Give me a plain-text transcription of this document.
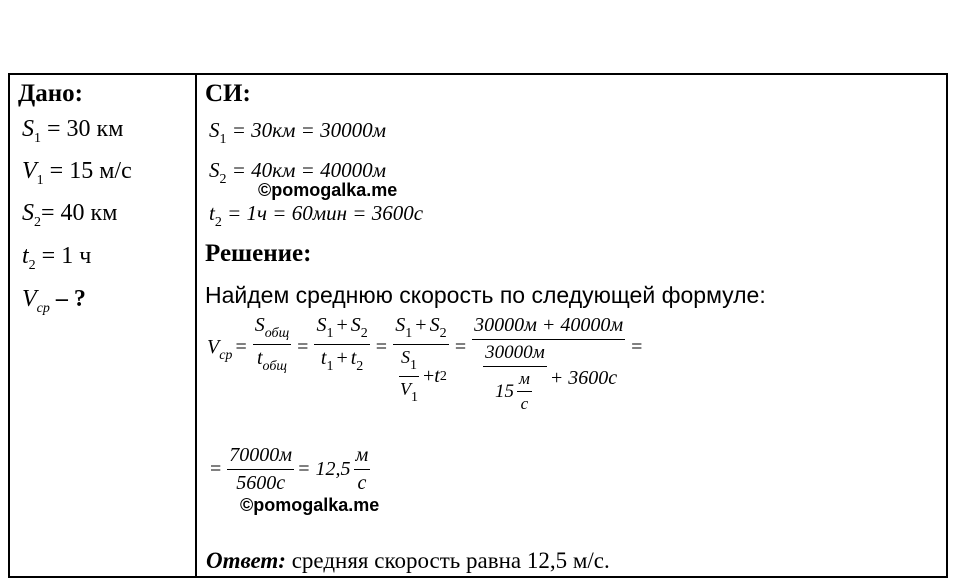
Дано:
$S_1 = 30$ км
$V_1 = 15$ м/с
$S_2= 40$ км
$t_2 = 1$ ч
$V_{ср}$ – ?
СИ:
$S_1 = 30км = 30000м$
$S_2 = 40км = 40000м$
©pomogalka.me
$t_2 = 1ч = 60мин = 3600с$
Решение:
Найдем среднюю скорость по следующей формуле:
$V_{ср} = \frac{S_{общ}}{t_{общ}} = \frac{S_1 + S_2}{t_1 + t_2} = \frac{S_1 + S_2}{\frac{S_1}{V_1} + t 2}$ =
30000м + 40000м
$\frac{30000м}{15 \frac{м}{с}} + 3600с$
=
= $\frac{70000м}{5600с} = 12,5 \frac{м}{с}$
©pomogalka.me
Ответ: средняя скорость равна 12,5 м/с.
